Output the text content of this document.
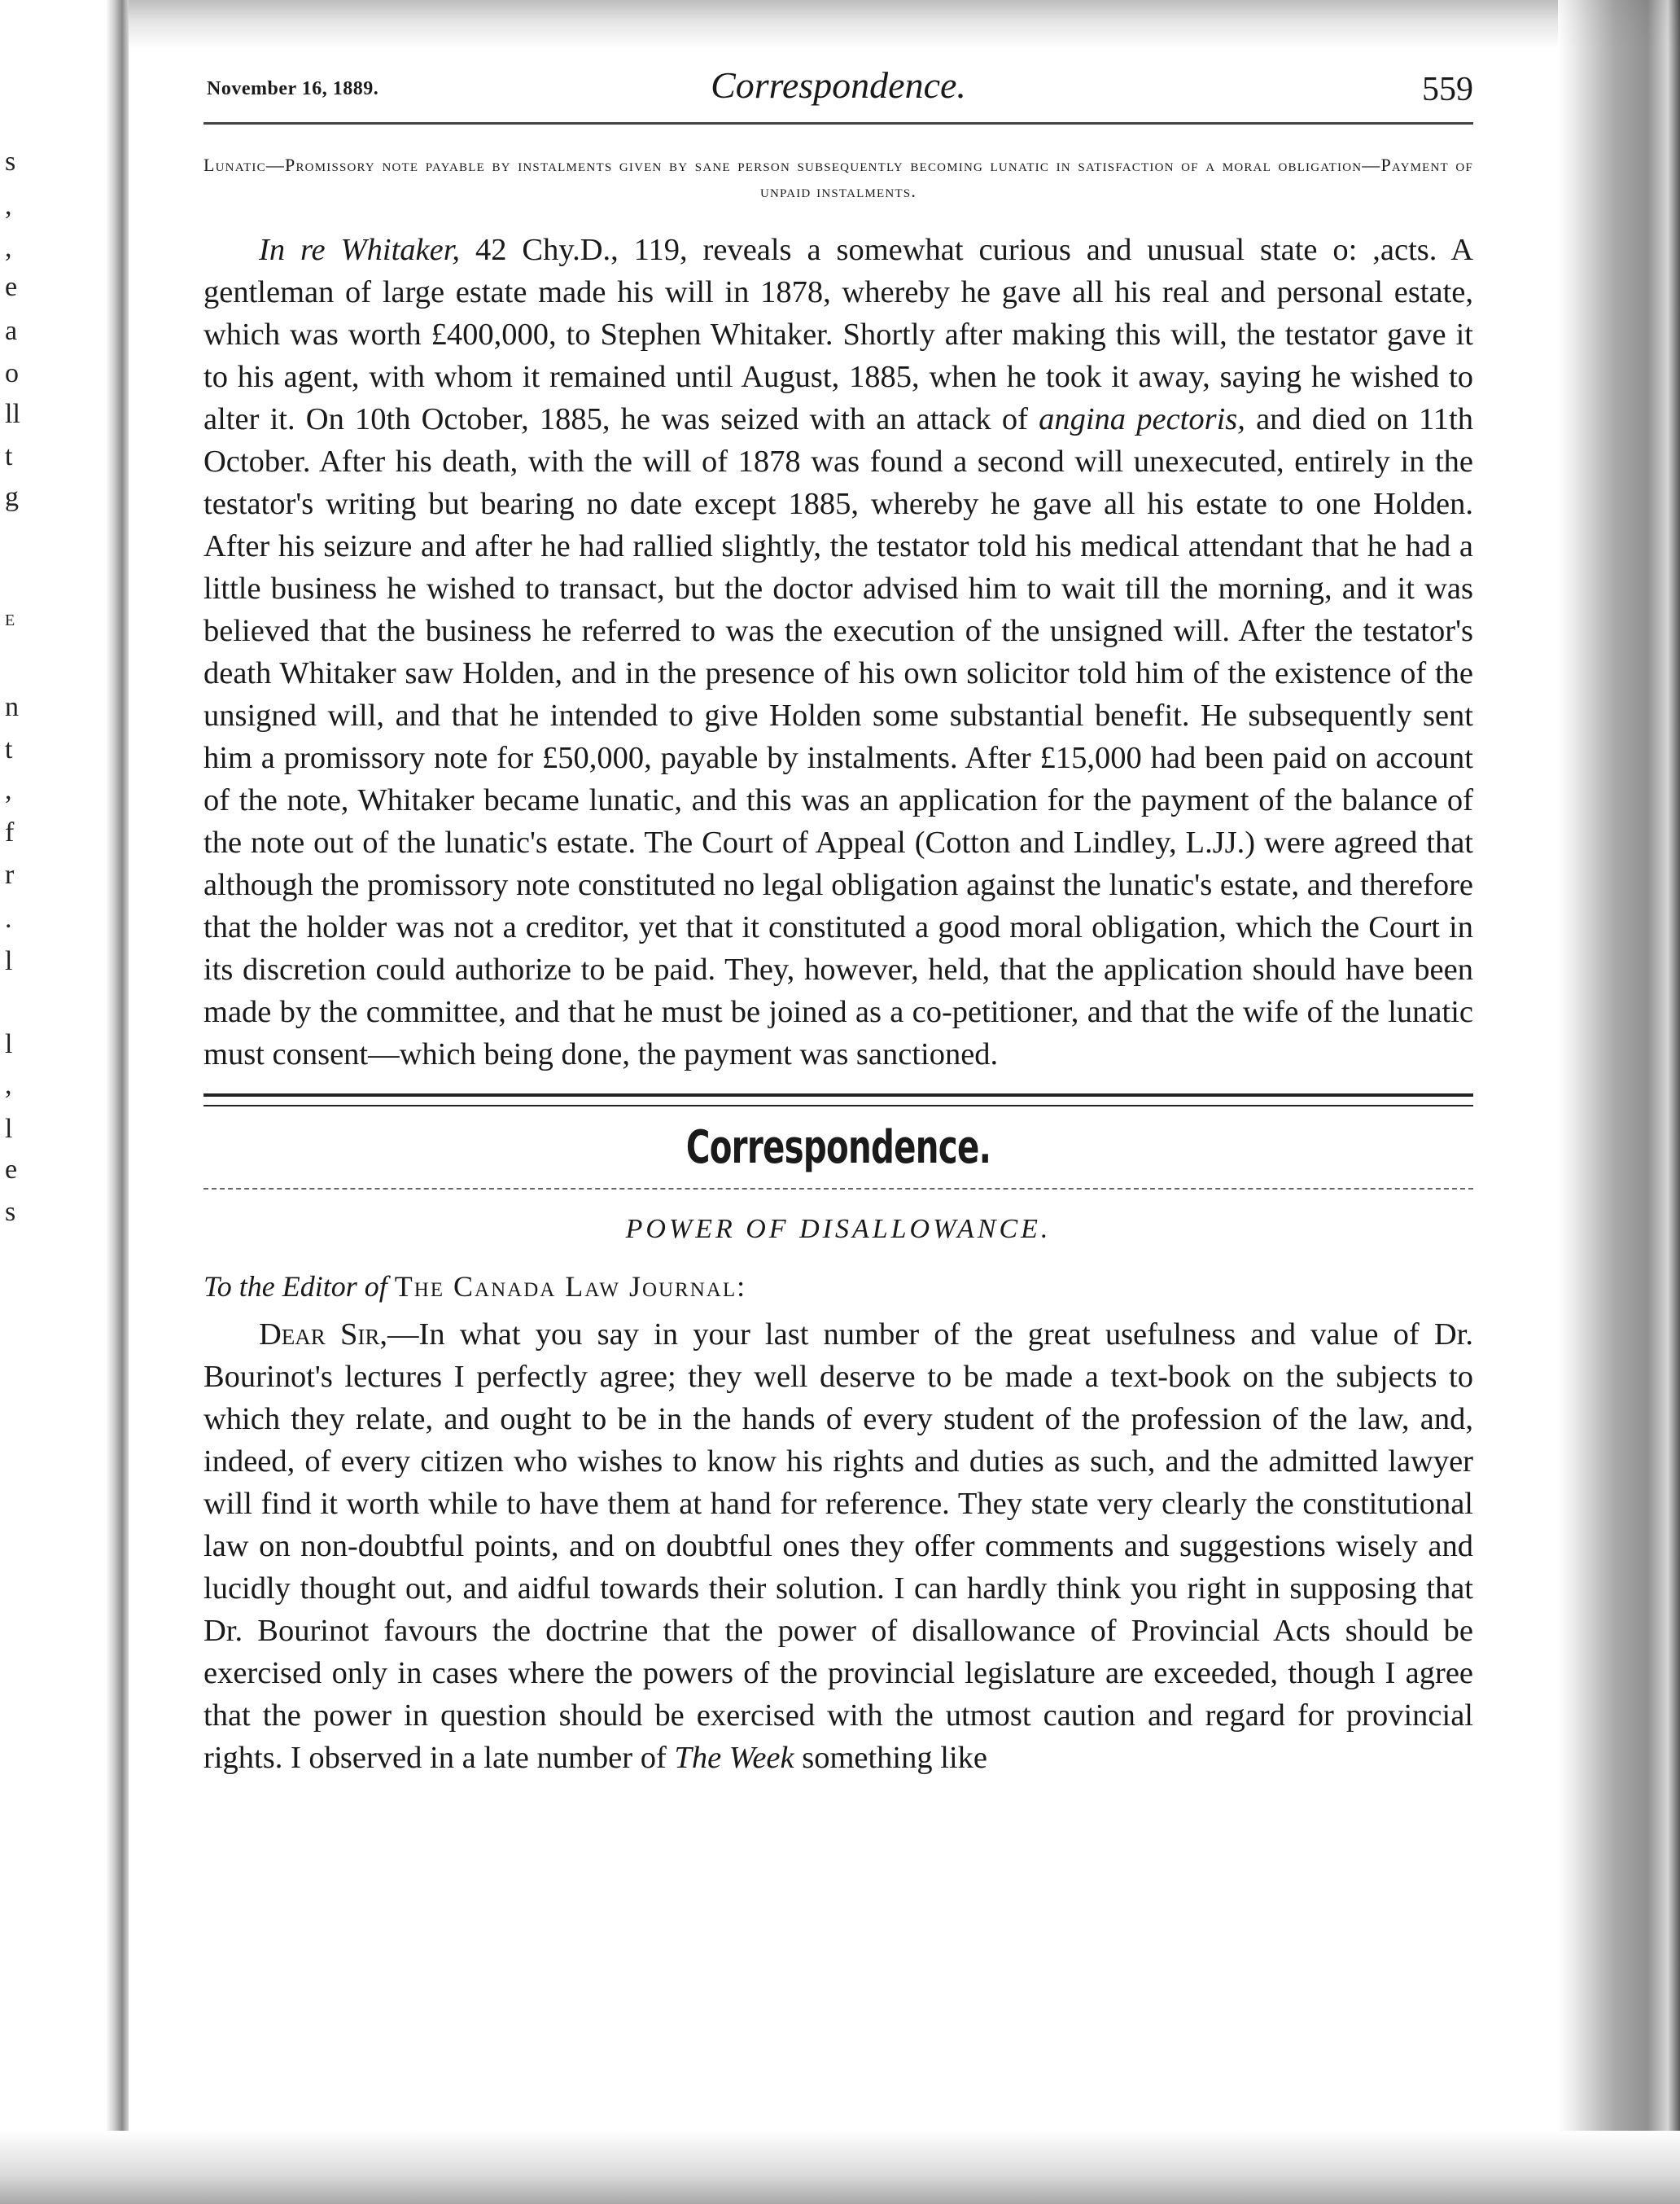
s
,
,
e
a
o
ll
t
g
E
n
t
,
f
r
.
l
l
,
l
e
s
November 16, 1889.	Correspondence.	559

Lunatic—Promissory note payable by instalments given by sane person subsequently becoming lunatic in satisfaction of a moral obligation—Payment of unpaid instalments.

In re Whitaker, 42 Chy.D., 119, reveals a somewhat curious and unusual state o: ,acts. A gentleman of large estate made his will in 1878, whereby he gave all his real and personal estate, which was worth £400,000, to Stephen Whitaker. Shortly after making this will, the testator gave it to his agent, with whom it remained until August, 1885, when he took it away, saying he wished to alter it. On 10th October, 1885, he was seized with an attack of angina pectoris, and died on 11th October. After his death, with the will of 1878 was found a second will unexecuted, entirely in the testator's writing but bearing no date except 1885, whereby he gave all his estate to one Holden. After his seizure and after he had rallied slightly, the testator told his medical attendant that he had a little business he wished to transact, but the doctor advised him to wait till the morning, and it was believed that the business he referred to was the execution of the unsigned will. After the testator's death Whitaker saw Holden, and in the presence of his own solicitor told him of the existence of the unsigned will, and that he intended to give Holden some substantial benefit. He subsequently sent him a promissory note for £50,000, payable by instalments. After £15,000 had been paid on account of the note, Whitaker became lunatic, and this was an application for the payment of the balance of the note out of the lunatic's estate. The Court of Appeal (Cotton and Lindley, L.JJ.) were agreed that although the promissory note constituted no legal obligation against the lunatic's estate, and therefore that the holder was not a creditor, yet that it constituted a good moral obligation, which the Court in its discretion could authorize to be paid. They, however, held, that the application should have been made by the committee, and that he must be joined as a co-petitioner, and that the wife of the lunatic must consent—which being done, the payment was sanctioned.

Correspondence.

POWER OF DISALLOWANCE.

To the Editor of The Canada Law Journal:

Dear Sir,—In what you say in your last number of the great usefulness and value of Dr. Bourinot's lectures I perfectly agree; they well deserve to be made a text-book on the subjects to which they relate, and ought to be in the hands of every student of the profession of the law, and, indeed, of every citizen who wishes to know his rights and duties as such, and the admitted lawyer will find it worth while to have them at hand for reference. They state very clearly the constitutional law on non-doubtful points, and on doubtful ones they offer comments and suggestions wisely and lucidly thought out, and aidful towards their solution. I can hardly think you right in supposing that Dr. Bourinot favours the doctrine that the power of disallowance of Provincial Acts should be exercised only in cases where the powers of the provincial legislature are exceeded, though I agree that the power in question should be exercised with the utmost caution and regard for provincial rights. I observed in a late number of The Week something like
